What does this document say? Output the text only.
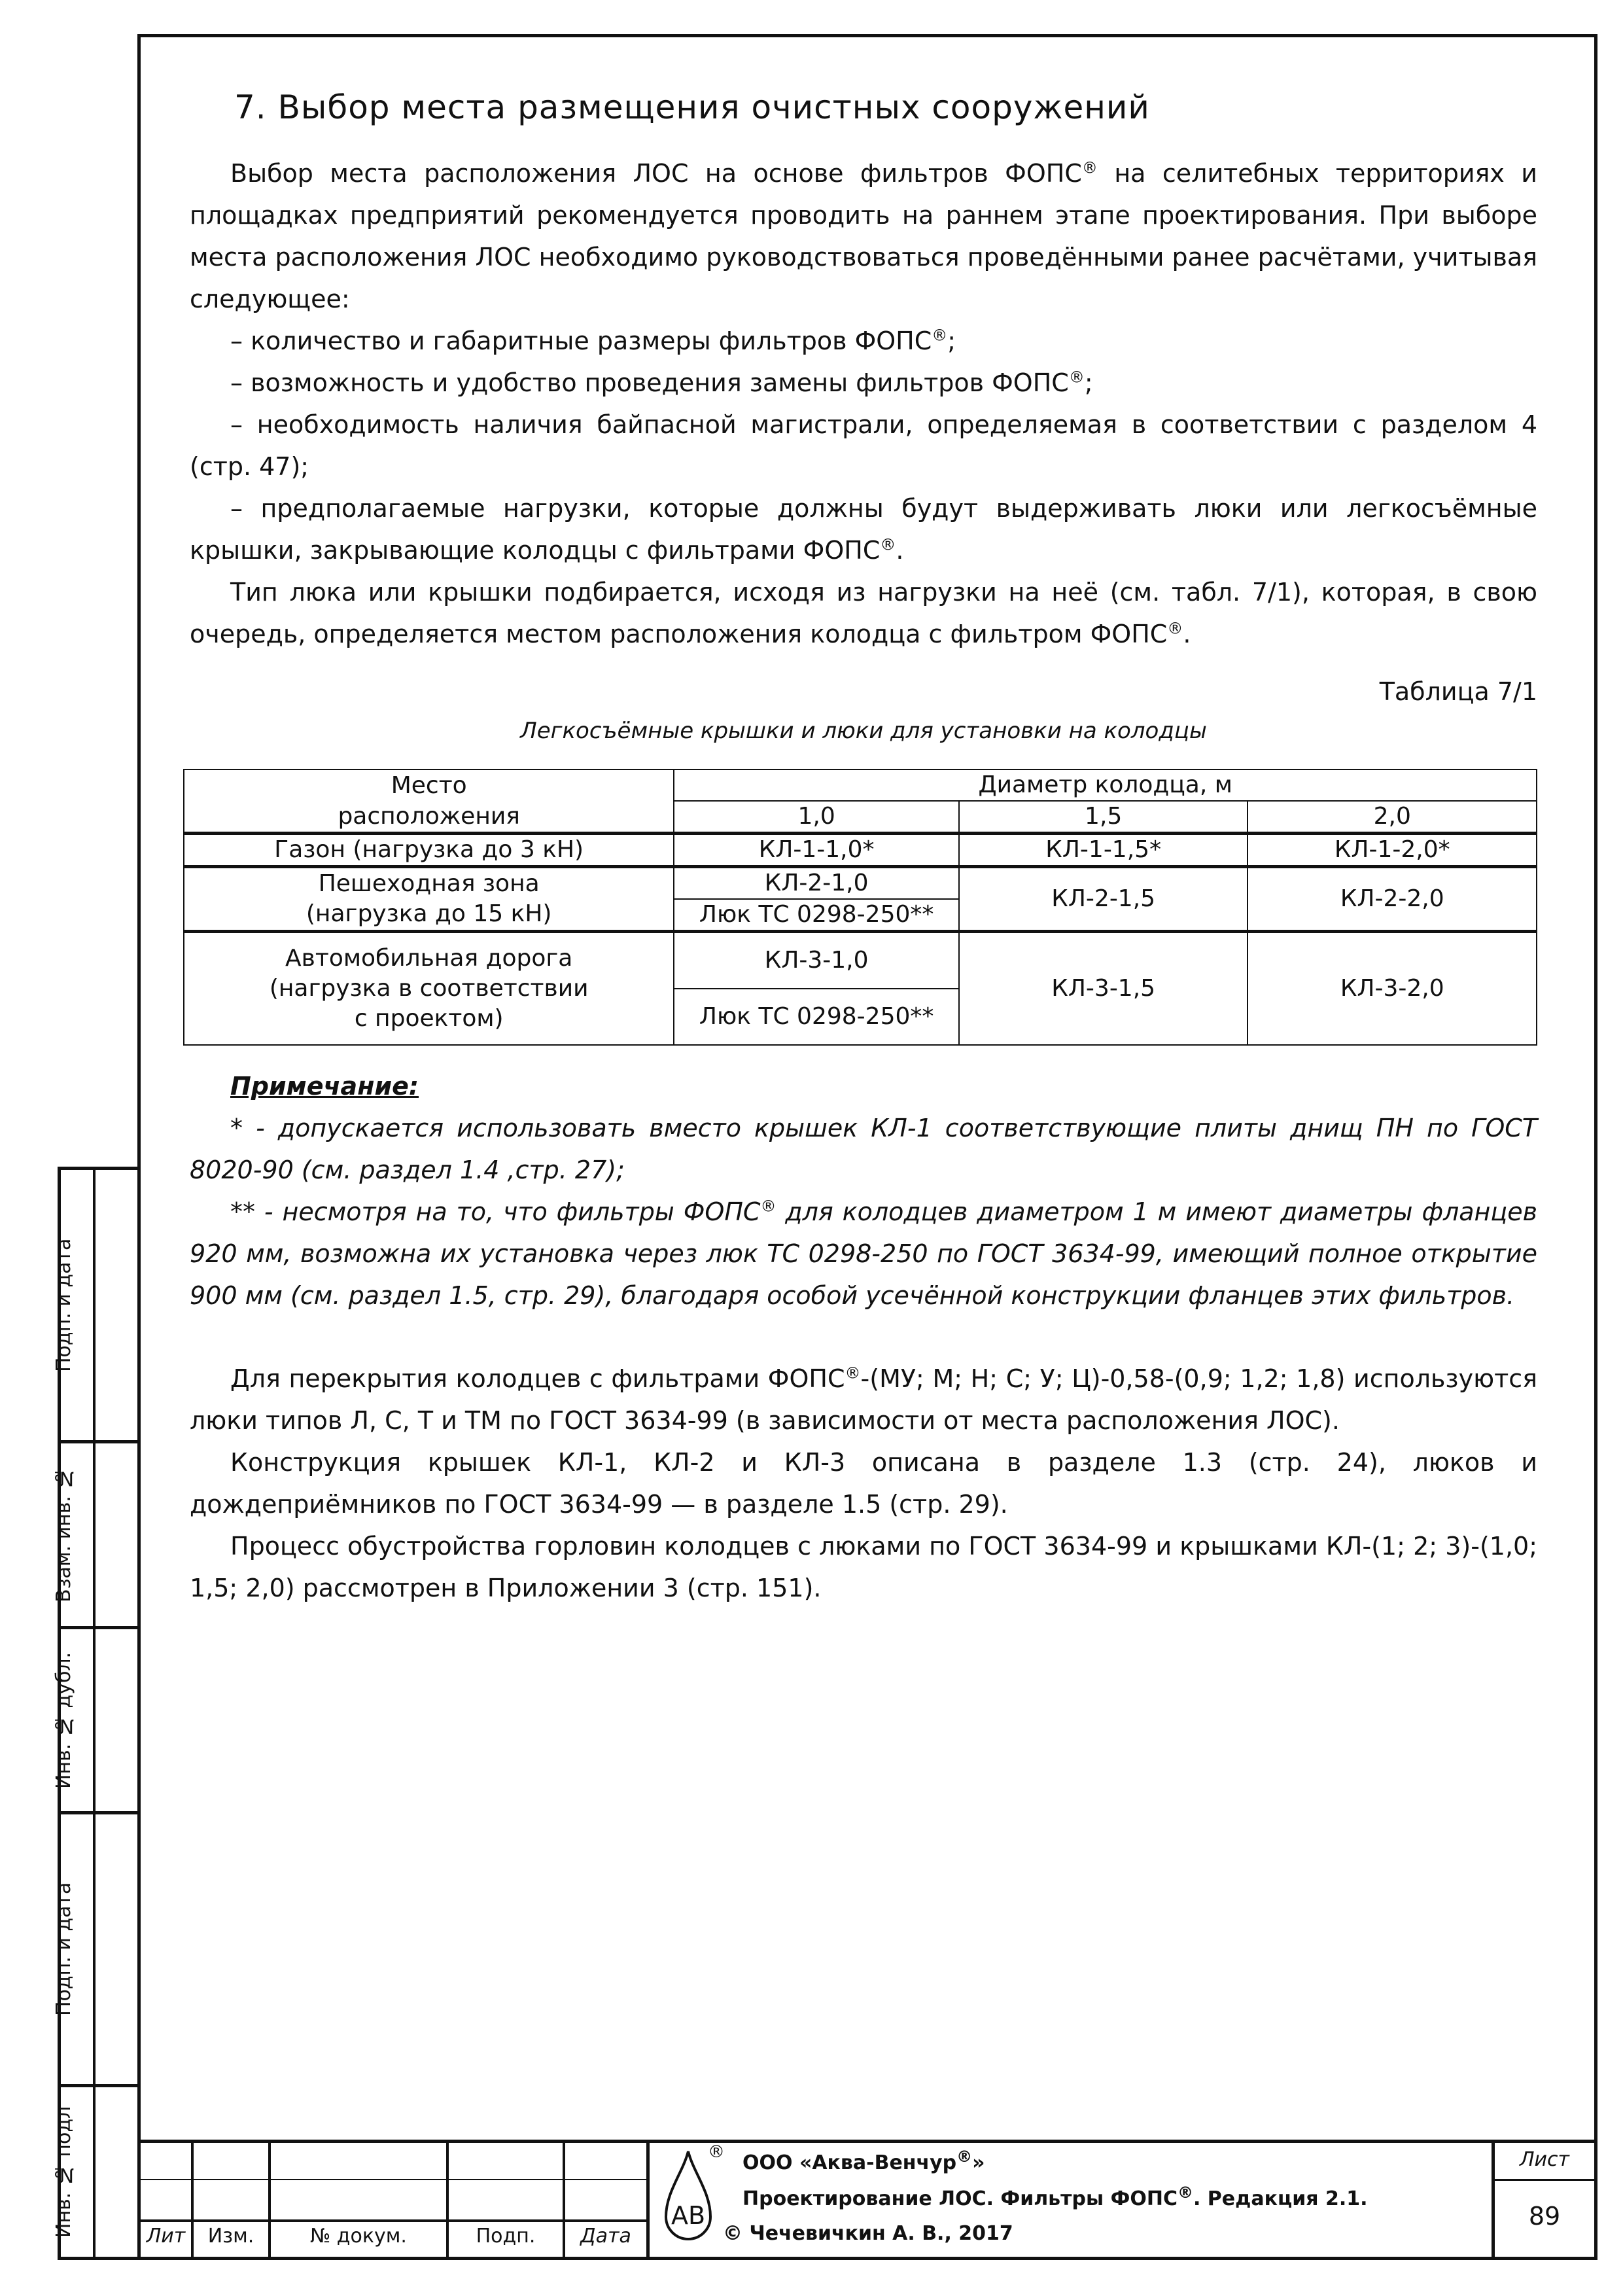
Подп. и дата
Взам. инв. №
Инв. № дубл.
Подп. и дата
Инв. № подл
7. Выбор места размещения очистных сооружений

Выбор места расположения ЛОС на основе фильтров ФОПС® на селитебных территориях и площадках предприятий рекомендуется проводить на раннем этапе проектирования. При выборе места расположения ЛОС необходимо руководствоваться проведёнными ранее расчётами, учитывая следующее:

– количество и габаритные размеры фильтров ФОПС®;

– возможность и удобство проведения замены фильтров ФОПС®;

– необходимость наличия байпасной магистрали, определяемая в соответствии с разделом 4 (стр. 47);

– предполагаемые нагрузки, которые должны будут выдерживать люки или легкосъёмные крышки, закрывающие колодцы с фильтрами ФОПС®.

Тип люка или крышки подбирается, исходя из нагрузки на неё (см. табл. 7/1), которая, в свою очередь, определяется местом расположения колодца с фильтром ФОПС®.

Таблица 7/1
Легкосъёмные крышки и люки для установки на колодцы
Место	Диаметр колодца, м		
расположения	1,0	1,5	2,0
Газон (нагрузка до 3 кН)	КЛ-1-1,0*	КЛ-1-1,5*	КЛ-1-2,0*

Пешеходная зона
(нагрузка до 15 кН)	КЛ-2-1,0	КЛ-2-1,5	КЛ-2-2,0
	Люк ТС 0298-250**		

Автомобильная дорога
(нагрузка в соответствии
с проектом)	КЛ-3-1,0	КЛ-3-1,5	КЛ-3-2,0
	Люк ТС 0298-250**		

Примечание:

* - допускается использовать вместо крышек КЛ-1 соответствующие плиты днищ ПН по ГОСТ 8020-90 (см. раздел 1.4 ,стр. 27);

** - несмотря на то, что фильтры ФОПС® для колодцев диаметром 1 м имеют диаметры фланцев 920 мм, возможна их установка через люк ТС 0298-250 по ГОСТ 3634-99, имеющий полное открытие 900 мм (см. раздел 1.5, стр. 29), благодаря особой усечённой конструкции фланцев этих фильтров.

Для перекрытия колодцев с фильтрами ФОПС®-(МУ; М; Н; С; У; Ц)-0,58-(0,9; 1,2; 1,8) используются люки типов Л, С, Т и ТМ по ГОСТ 3634-99 (в зависимости от места расположения ЛОС).

Конструкция крышек КЛ-1, КЛ-2 и КЛ-3 описана в разделе 1.3 (стр. 24), люков и дождеприёмников по ГОСТ 3634-99 — в разделе 1.5 (стр. 29).

Процесс обустройства горловин колодцев с люками по ГОСТ 3634-99 и крышками КЛ-(1; 2; 3)-(1,0; 1,5; 2,0) рассмотрен в Приложении 3 (стр. 151).

Лит	Изм.	№ докум.	Подп.	Дата
АВ
® ООО «Аква-Венчур®»
Проектирование ЛОС. Фильтры ФОПС®. Редакция 2.1.
© Чечевичкин А. В., 2017
Лист
89
